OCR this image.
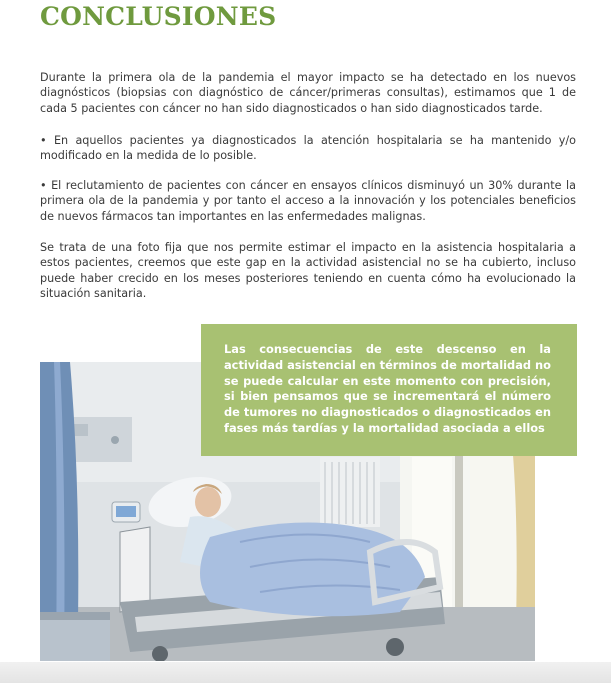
CONCLUSIONES

Durante la primera ola de la pandemia el mayor impacto se ha detectado en los nuevos diagnósticos (biopsias con diagnóstico de cáncer/primeras consultas), estimamos que 1 de cada 5 pacientes con cáncer no han sido diagnosticados o han sido diagnosticados tarde.

• En aquellos pacientes ya diagnosticados la atención hospitalaria se ha mantenido y/o modificado en la medida de lo posible.

• El reclutamiento de pacientes con cáncer en ensayos clínicos disminuyó un 30% durante la primera ola de la pandemia y por tanto el acceso a la innovación y los potenciales beneficios de nuevos fármacos tan importantes en las enfermedades malignas.

Se trata de una foto fija que nos permite estimar el impacto en la asistencia hospitalaria a estos pacientes, creemos que este gap en la actividad asistencial no se ha cubierto, incluso puede haber crecido en los meses posteriores teniendo en cuenta cómo ha evolucionado la situación sanitaria.

Las consecuencias de este descenso en la actividad asistencial en términos de mortalidad no se puede calcular en este momento con precisión, si bien pensamos que se incrementará el número de tumores no diagnosticados o diagnosticados en fases más tardías y la mortalidad asociada a ellos
